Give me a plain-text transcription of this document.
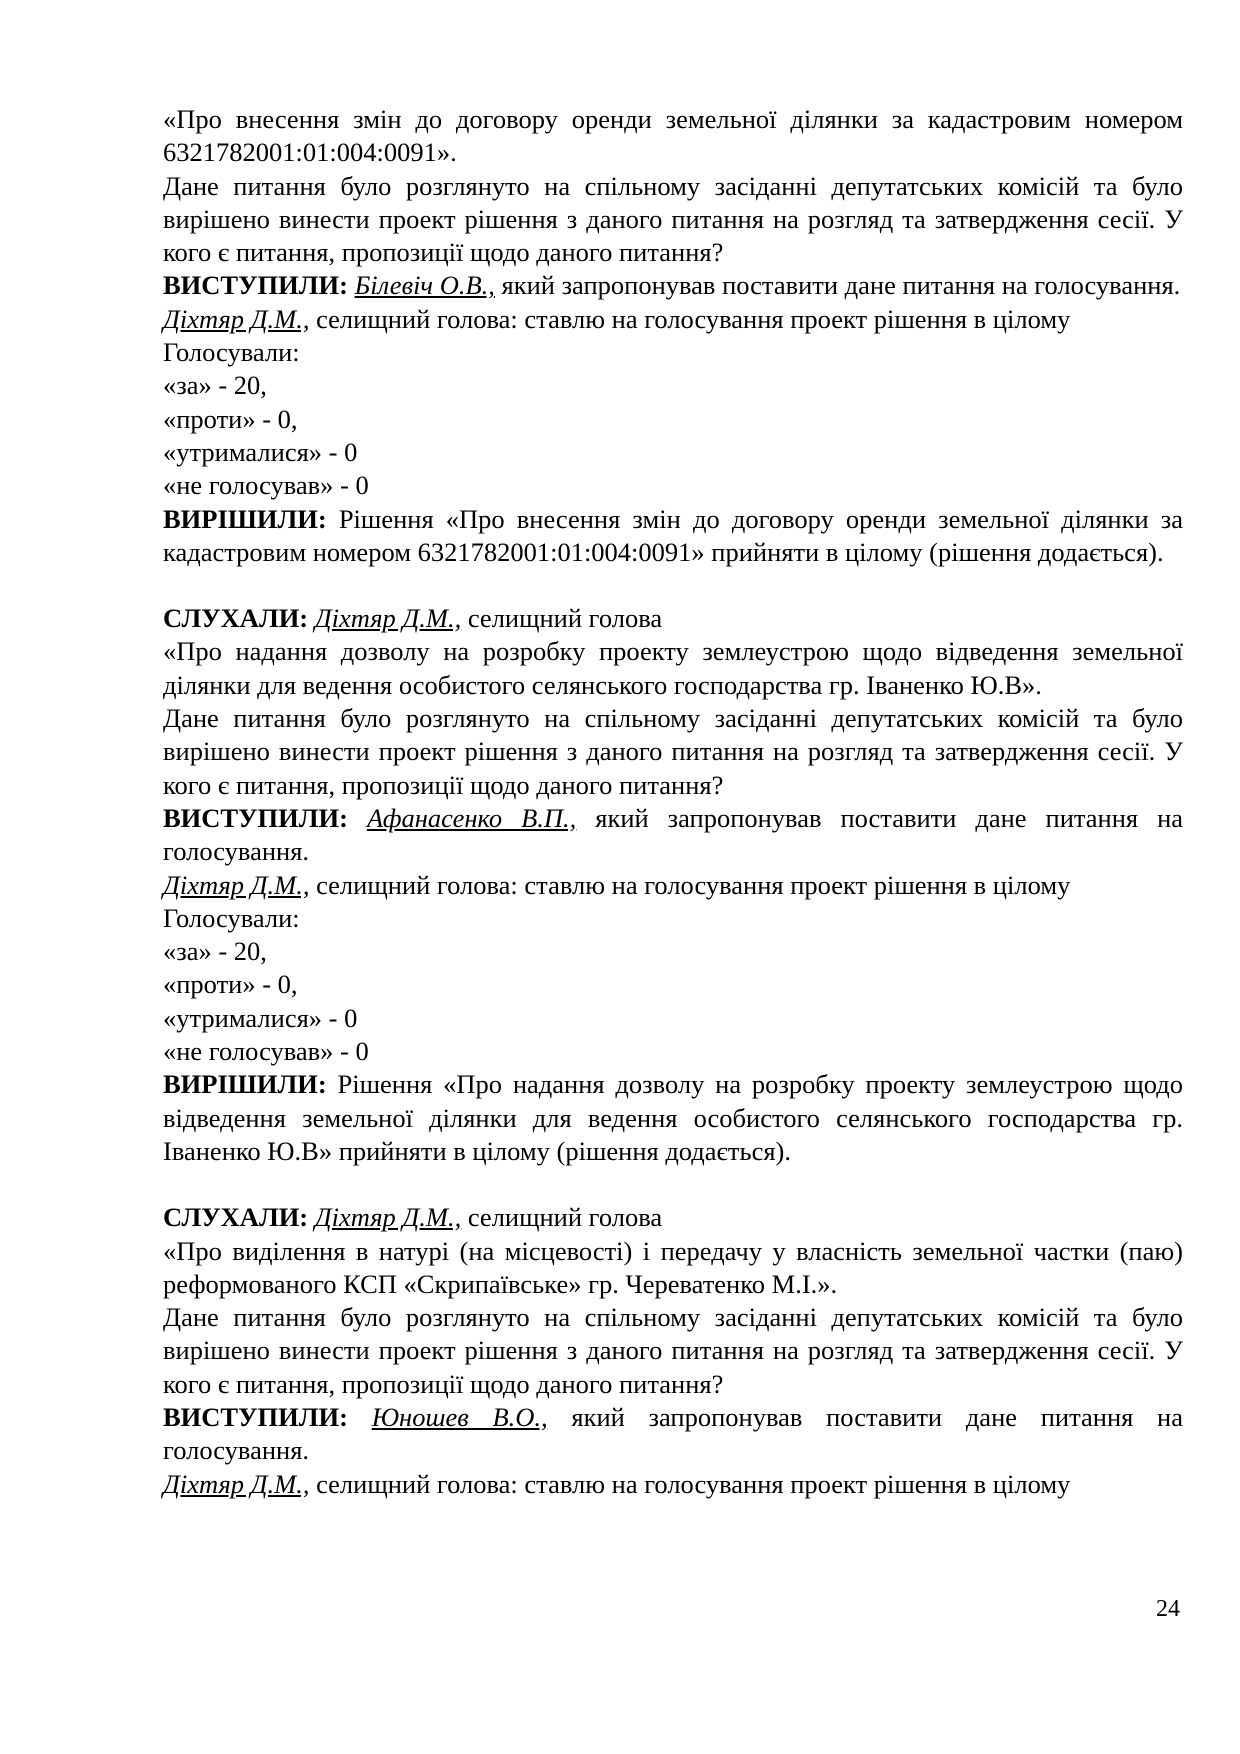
«Про внесення змін до договору оренди земельної ділянки за кадастровим номером 6321782001:01:004:0091».

Дане питання було розглянуто на спільному засіданні депутатських комісій та було вирішено винести проект рішення з даного питання на розгляд та затвердження сесії. У кого є питання, пропозиції щодо даного питання?

ВИСТУПИЛИ: Білевіч О.В., який запропонував поставити дане питання на голосування.

Діхтяр Д.М., селищний голова: ставлю на голосування проект рішення в цілому

Голосували:

«за» - 20,

«проти» - 0,

«утрималися» - 0

«не голосував» - 0

ВИРІШИЛИ: Рішення «Про внесення змін до договору оренди земельної ділянки за кадастровим номером 6321782001:01:004:0091» прийняти в цілому (рішення додається).

СЛУХАЛИ: Діхтяр Д.М., селищний голова

«Про надання дозволу на розробку проекту землеустрою щодо відведення земельної ділянки для ведення особистого селянського господарства гр. Іваненко Ю.В».

Дане питання було розглянуто на спільному засіданні депутатських комісій та було вирішено винести проект рішення з даного питання на розгляд та затвердження сесії. У кого є питання, пропозиції щодо даного питання?

ВИСТУПИЛИ: Афанасенко В.П., який запропонував поставити дане питання на голосування.

Діхтяр Д.М., селищний голова: ставлю на голосування проект рішення в цілому

Голосували:

«за» - 20,

«проти» - 0,

«утрималися» - 0

«не голосував» - 0

ВИРІШИЛИ: Рішення «Про надання дозволу на розробку проекту землеустрою щодо відведення земельної ділянки для ведення особистого селянського господарства гр. Іваненко Ю.В» прийняти в цілому (рішення додається).

СЛУХАЛИ: Діхтяр Д.М., селищний голова

«Про виділення в натурі (на місцевості) і передачу у власність земельної частки (паю) реформованого КСП «Скрипаївське» гр. Череватенко М.І.».

Дане питання було розглянуто на спільному засіданні депутатських комісій та було вирішено винести проект рішення з даного питання на розгляд та затвердження сесії. У кого є питання, пропозиції щодо даного питання?

ВИСТУПИЛИ: Юношев В.О., який запропонував поставити дане питання на голосування.

Діхтяр Д.М., селищний голова: ставлю на голосування проект рішення в цілому

24
